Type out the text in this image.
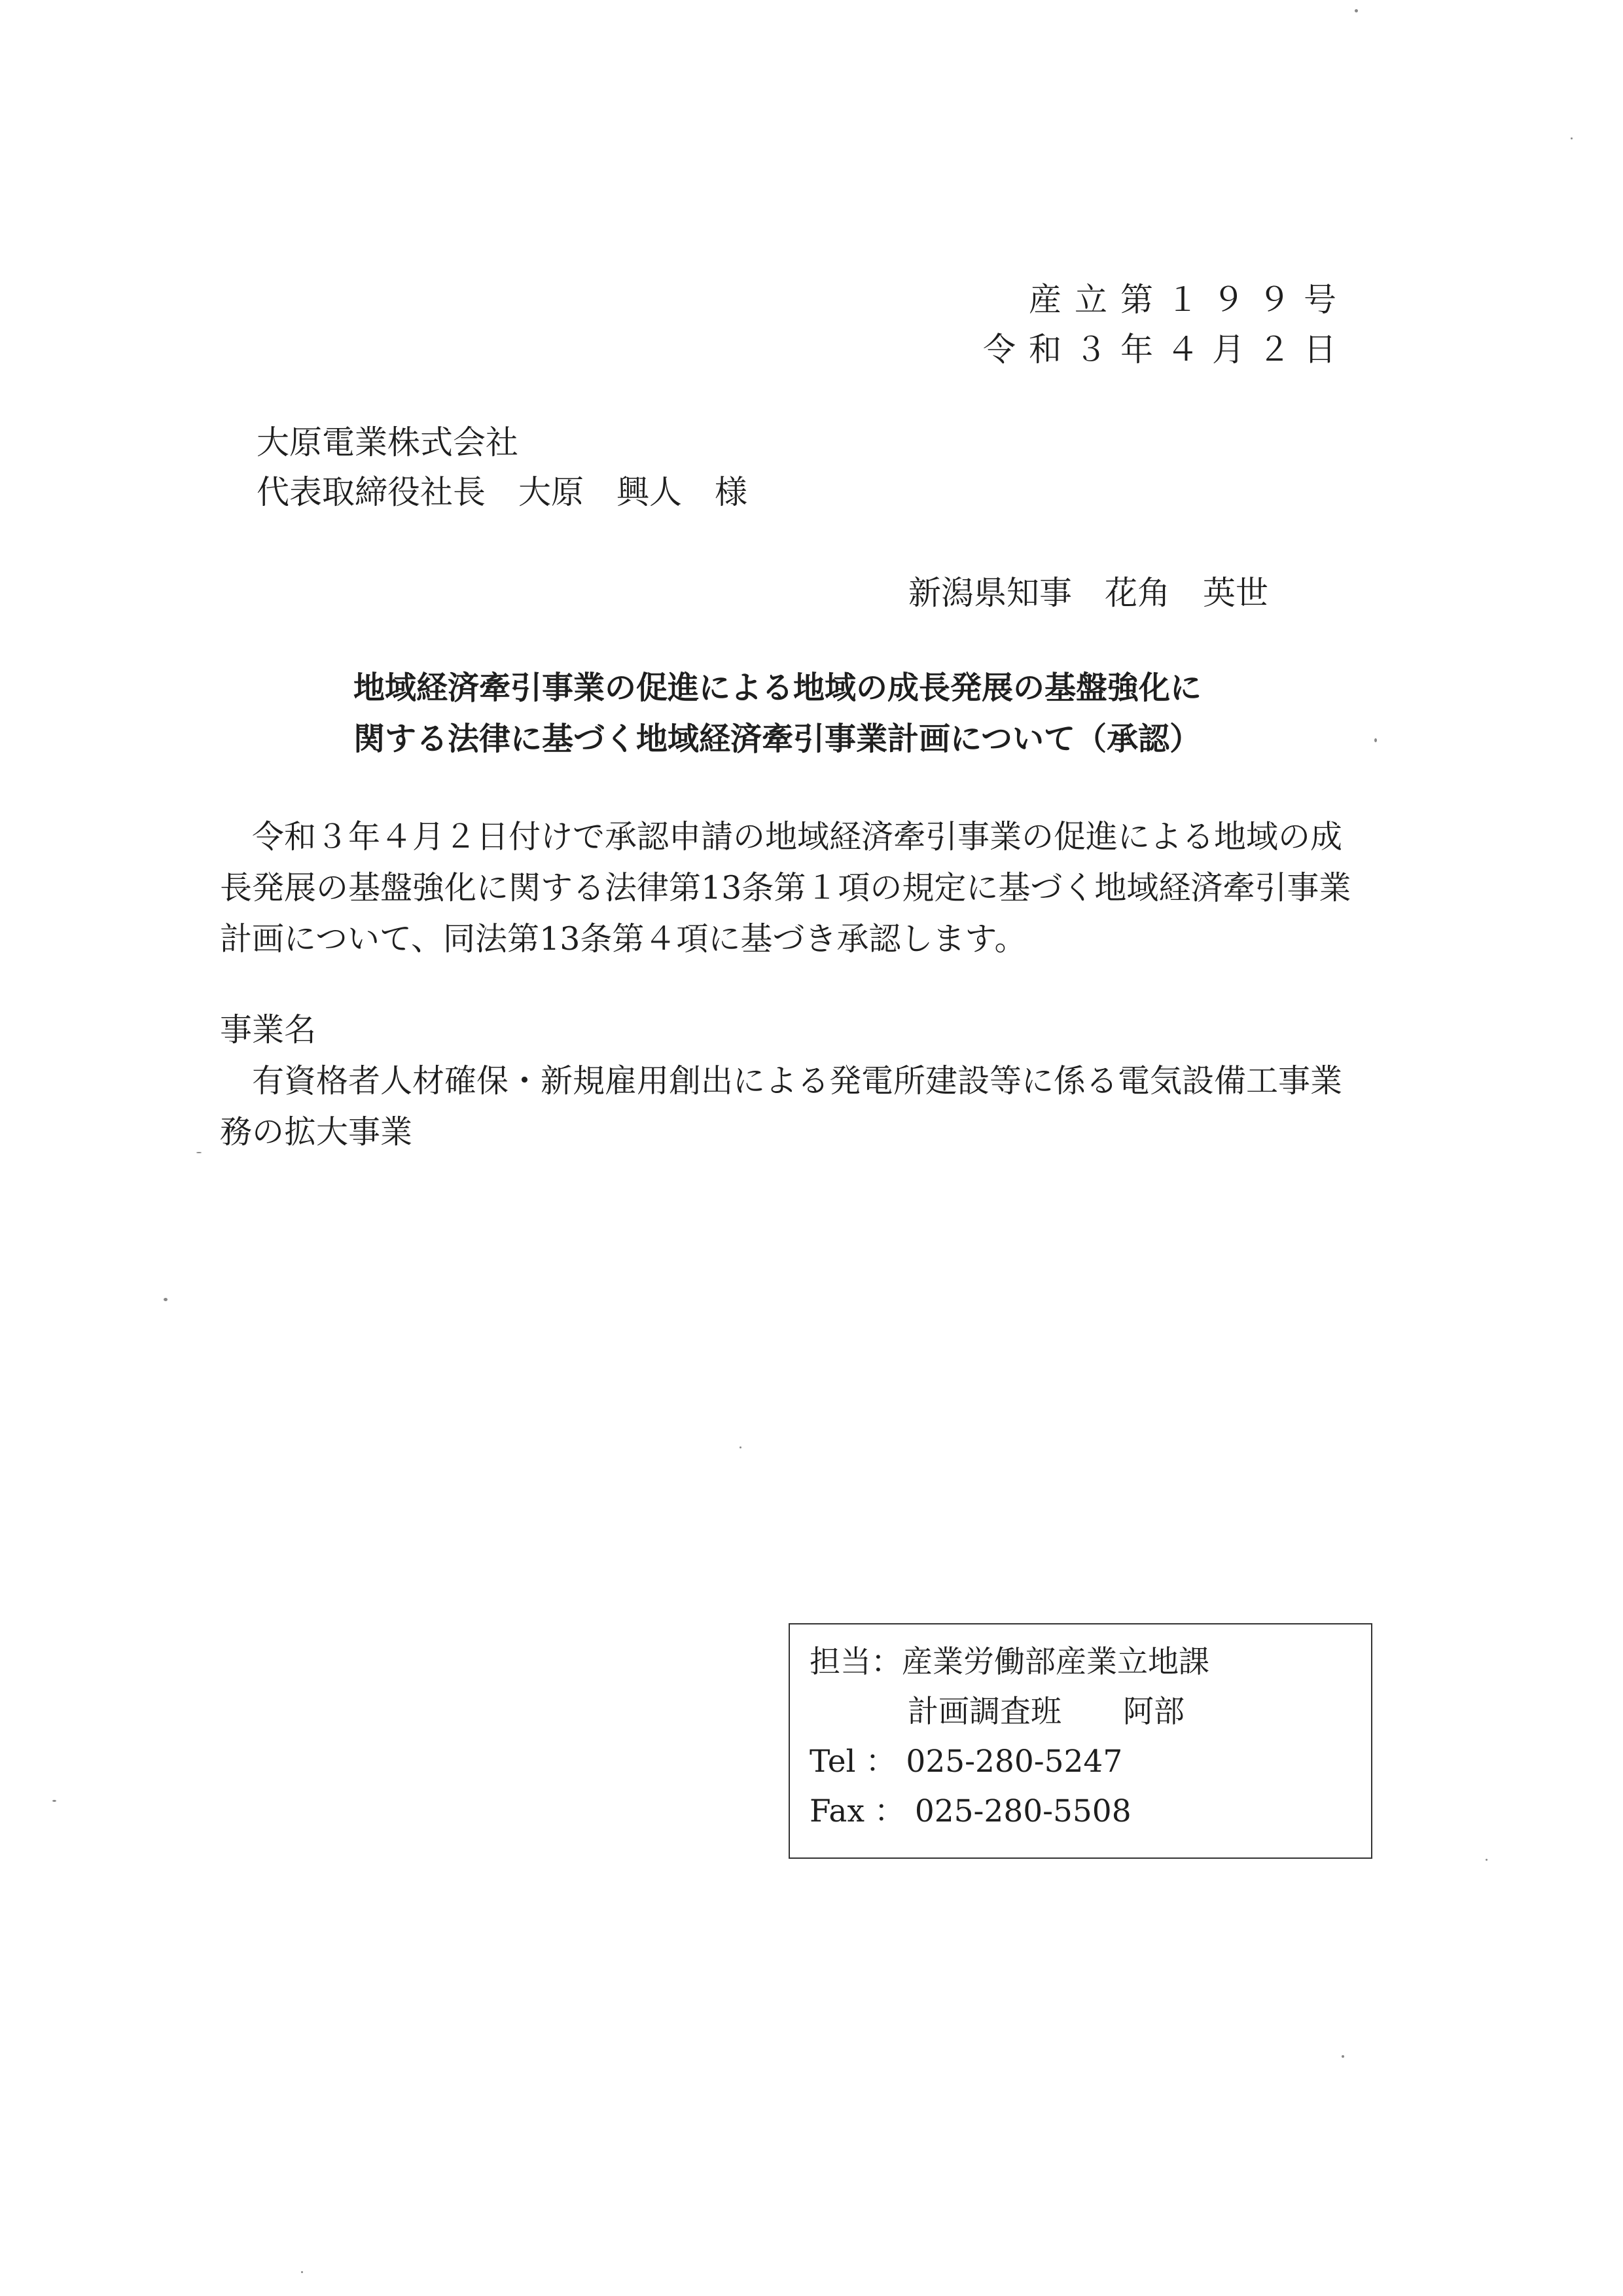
産立第１９９号
令和３年４月２日
大原電業株式会社
代表取締役社長　大原　興人　様
新潟県知事　花角　英世
地域経済牽引事業の促進による地域の成長発展の基盤強化に
関する法律に基づく地域経済牽引事業計画について（承認）
　令和３年４月２日付けで承認申請の地域経済牽引事業の促進による地域の成
長発展の基盤強化に関する法律第13条第１項の規定に基づく地域経済牽引事業
計画について、同法第13条第４項に基づき承認します。
事業名
　有資格者人材確保・新規雇用創出による発電所建設等に係る電気設備工事業
務の拡大事業
担当：産業労働部産業立地課
計画調査班　　阿部
Tel ： 025-280-5247
Fax ： 025-280-5508
